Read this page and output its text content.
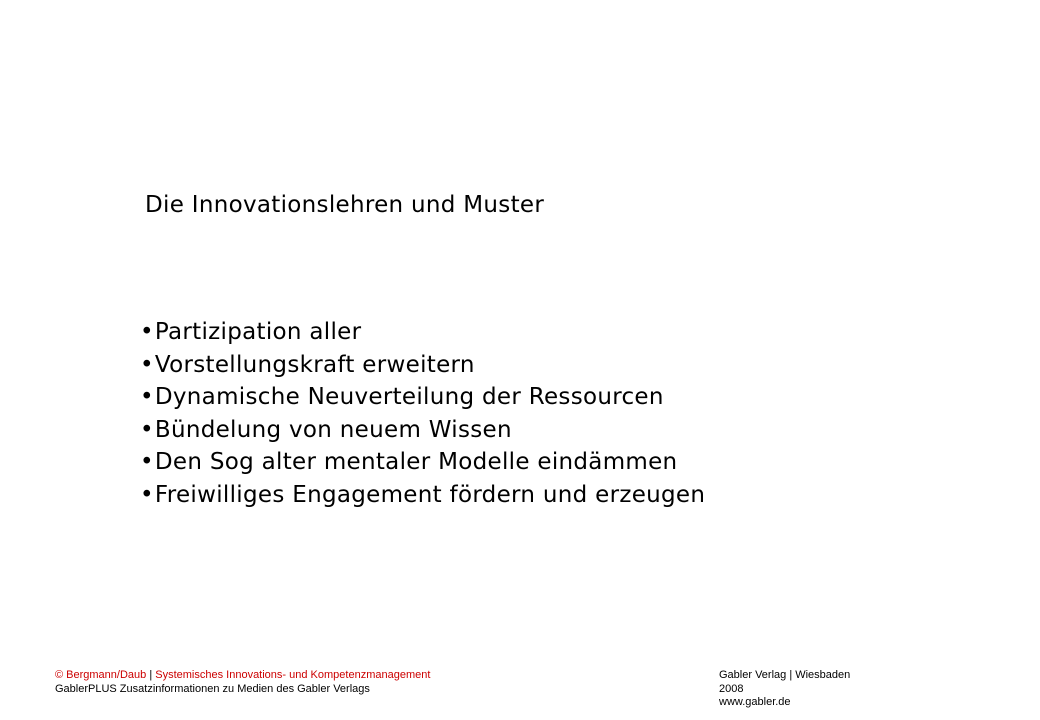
Die Innovationslehren und Muster
•Partizipation aller
•Vorstellungskraft erweitern
•Dynamische Neuverteilung der Ressourcen
•Bündelung von neuem Wissen
•Den Sog alter mentaler Modelle eindämmen
•Freiwilliges Engagement fördern und erzeugen
© Bergmann/Daub | Systemisches Innovations- und Kompetenzmanagement GablerPLUS Zusatzinformationen zu Medien des Gabler Verlags
Gabler Verlag | Wiesbaden
2008
www.gabler.de
